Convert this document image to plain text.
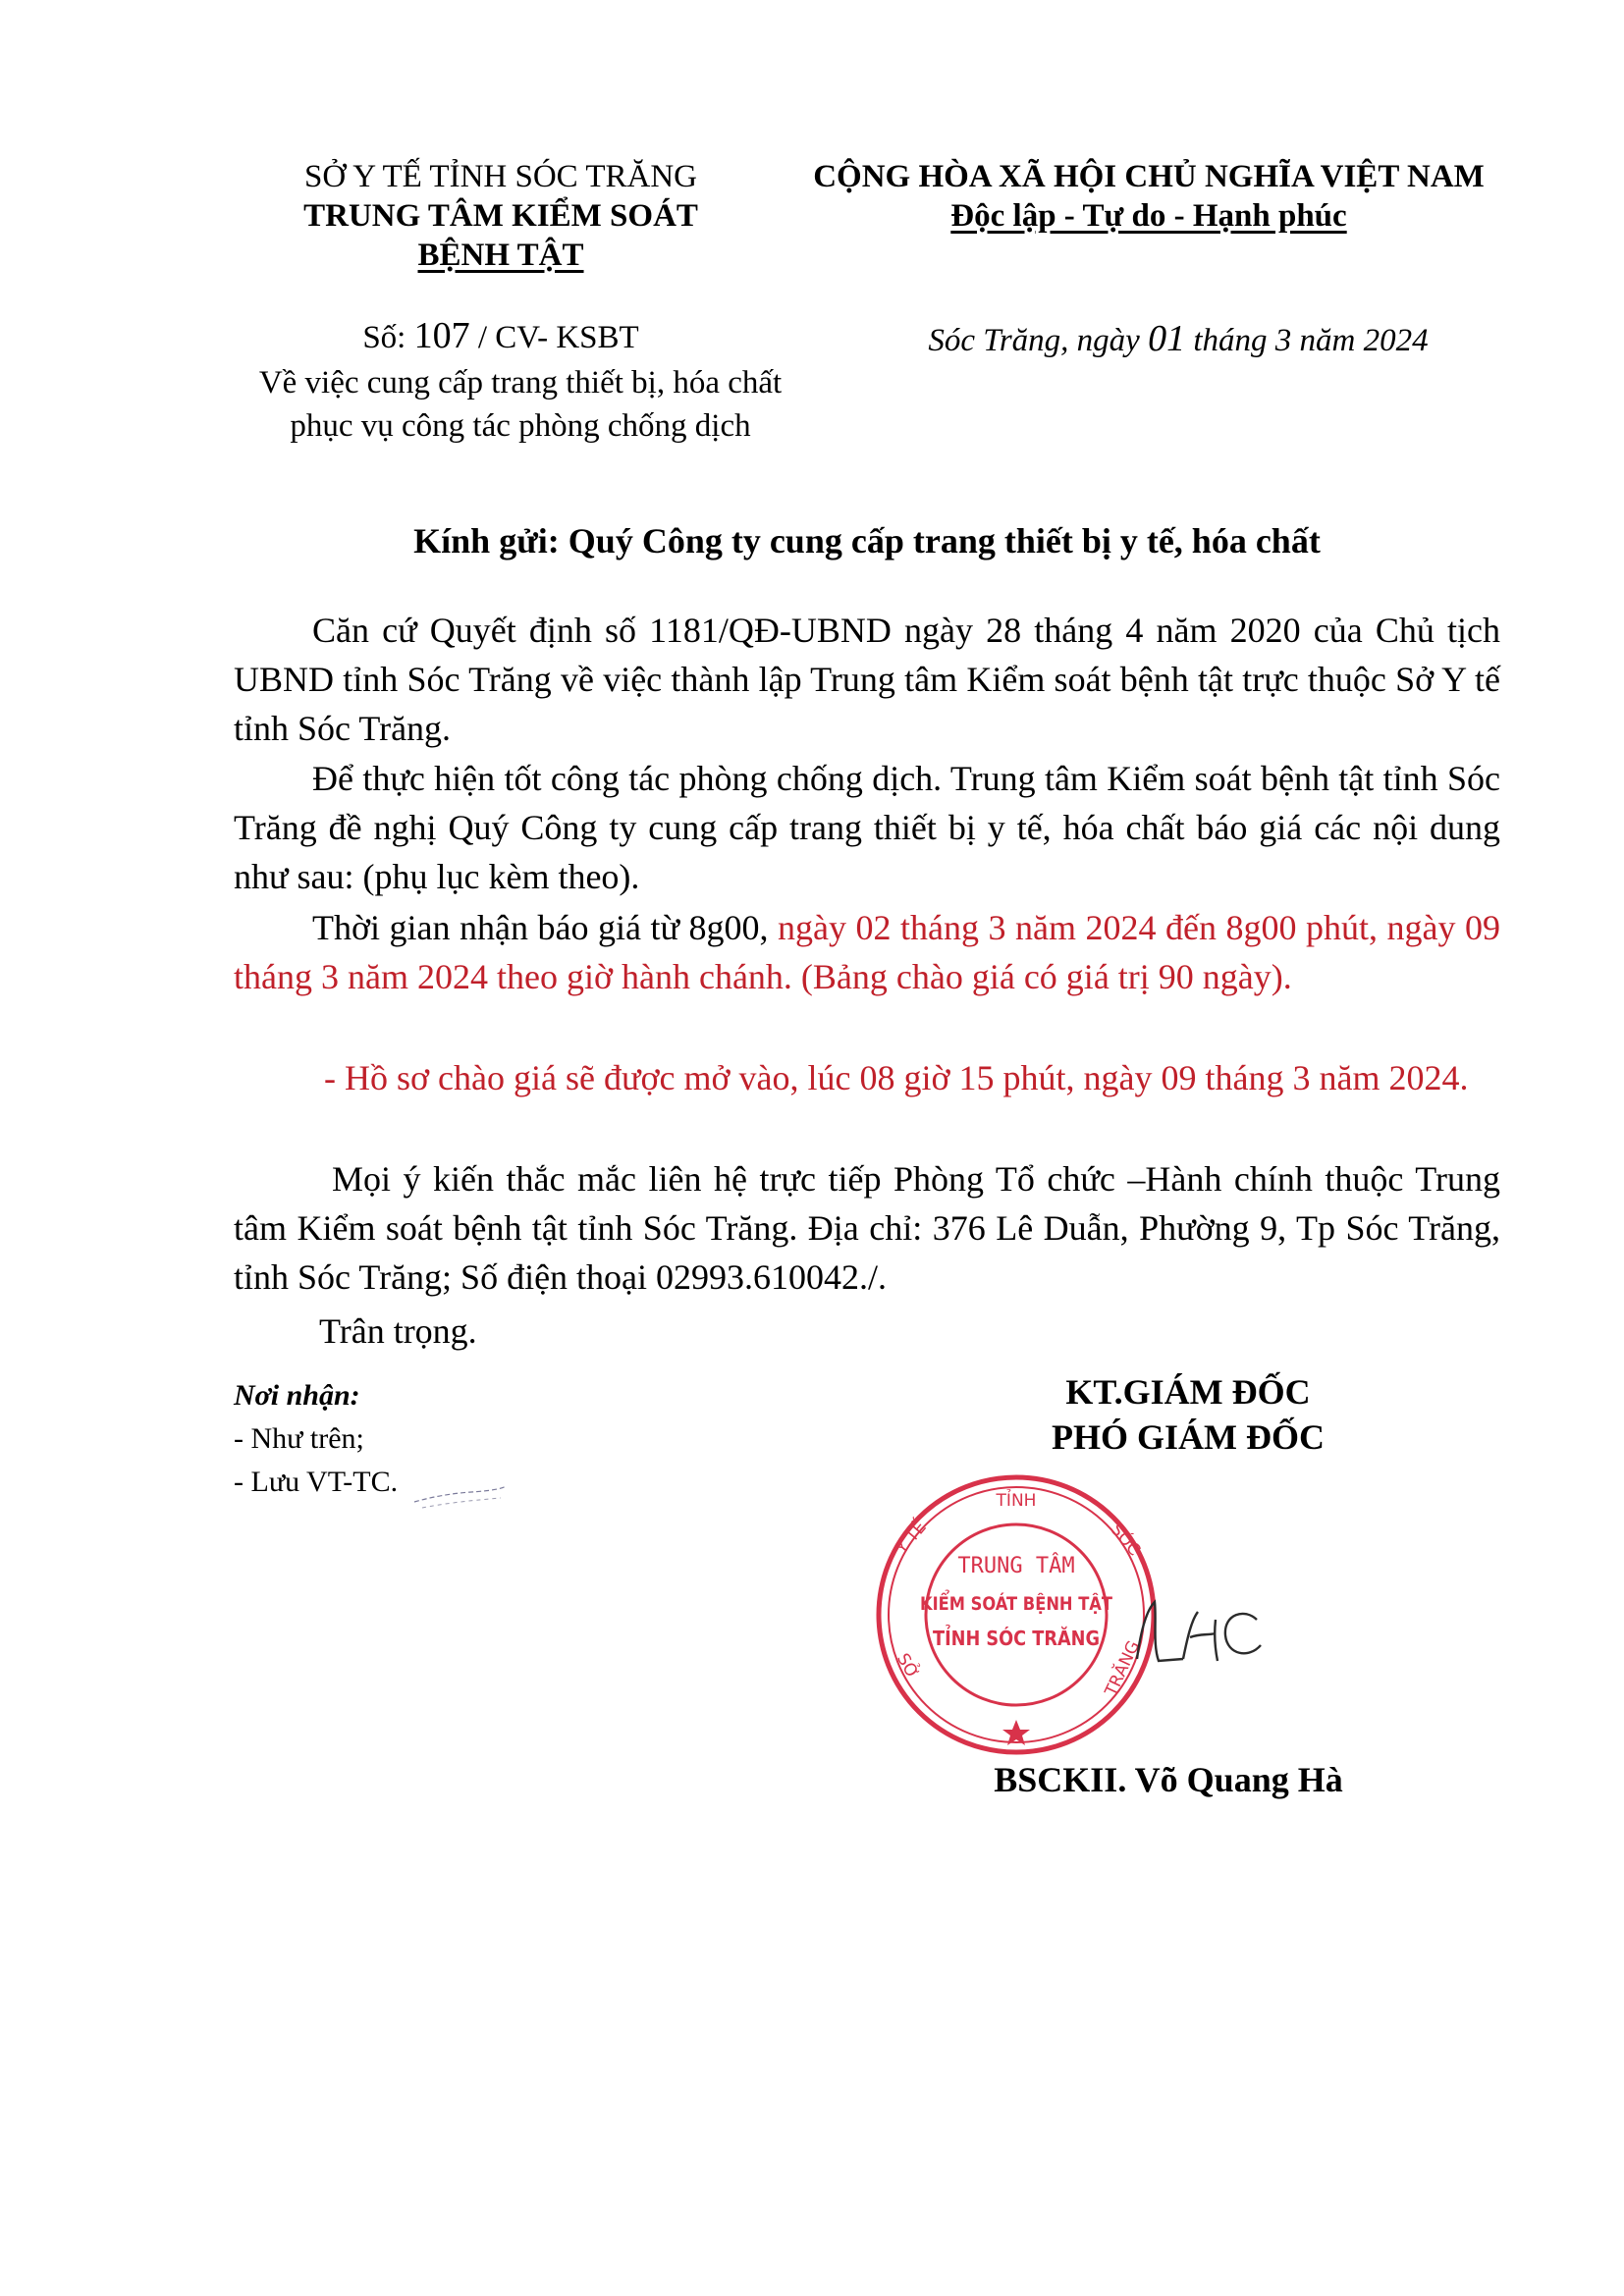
SỞ Y TẾ TỈNH SÓC TRĂNG
TRUNG TÂM KIỂM SOÁT
BỆNH TẬT
Số: 107 / CV- KSBT
Về việc cung cấp trang thiết bị, hóa chất
phục vụ công tác phòng chống dịch
CỘNG HÒA XÃ HỘI CHỦ NGHĨA VIỆT NAM
Độc lập - Tự do - Hạnh phúc
Sóc Trăng, ngày 01 tháng 3 năm 2024
Kính gửi: Quý Công ty cung cấp trang thiết bị y tế, hóa chất
Căn cứ Quyết định số 1181/QĐ-UBND ngày 28 tháng 4 năm 2020 của Chủ tịch UBND tỉnh Sóc Trăng về việc thành lập Trung tâm Kiểm soát bệnh tật trực thuộc Sở Y tế tỉnh Sóc Trăng.
Để thực hiện tốt công tác phòng chống dịch. Trung tâm Kiểm soát bệnh tật tỉnh Sóc Trăng đề nghị Quý Công ty cung cấp trang thiết bị y tế, hóa chất báo giá các nội dung như sau: (phụ lục kèm theo).
Thời gian nhận báo giá từ 8g00, ngày 02 tháng 3 năm 2024 đến 8g00 phút, ngày 09 tháng 3 năm 2024 theo giờ hành chánh. (Bảng chào giá có giá trị 90 ngày).
- Hồ sơ chào giá sẽ được mở vào, lúc 08 giờ 15 phút, ngày 09 tháng 3 năm 2024.
Mọi ý kiến thắc mắc liên hệ trực tiếp Phòng Tổ chức –Hành chính thuộc Trung tâm Kiểm soát bệnh tật tỉnh Sóc Trăng. Địa chỉ: 376 Lê Duẫn, Phường 9, Tp Sóc Trăng, tỉnh Sóc Trăng; Số điện thoại 02993.610042./.
Trân trọng.
Nơi nhận:
- Như trên;
- Lưu VT-TC.
KT.GIÁM ĐỐC
PHÓ GIÁM ĐỐC
TỈNH
Y TẾ	SÓC
SỞ	TRĂNG
TRUNG TÂM
KIỂM SOÁT BỆNH TẬT
TỈNH SÓC TRĂNG
BSCKII. Võ Quang Hà
